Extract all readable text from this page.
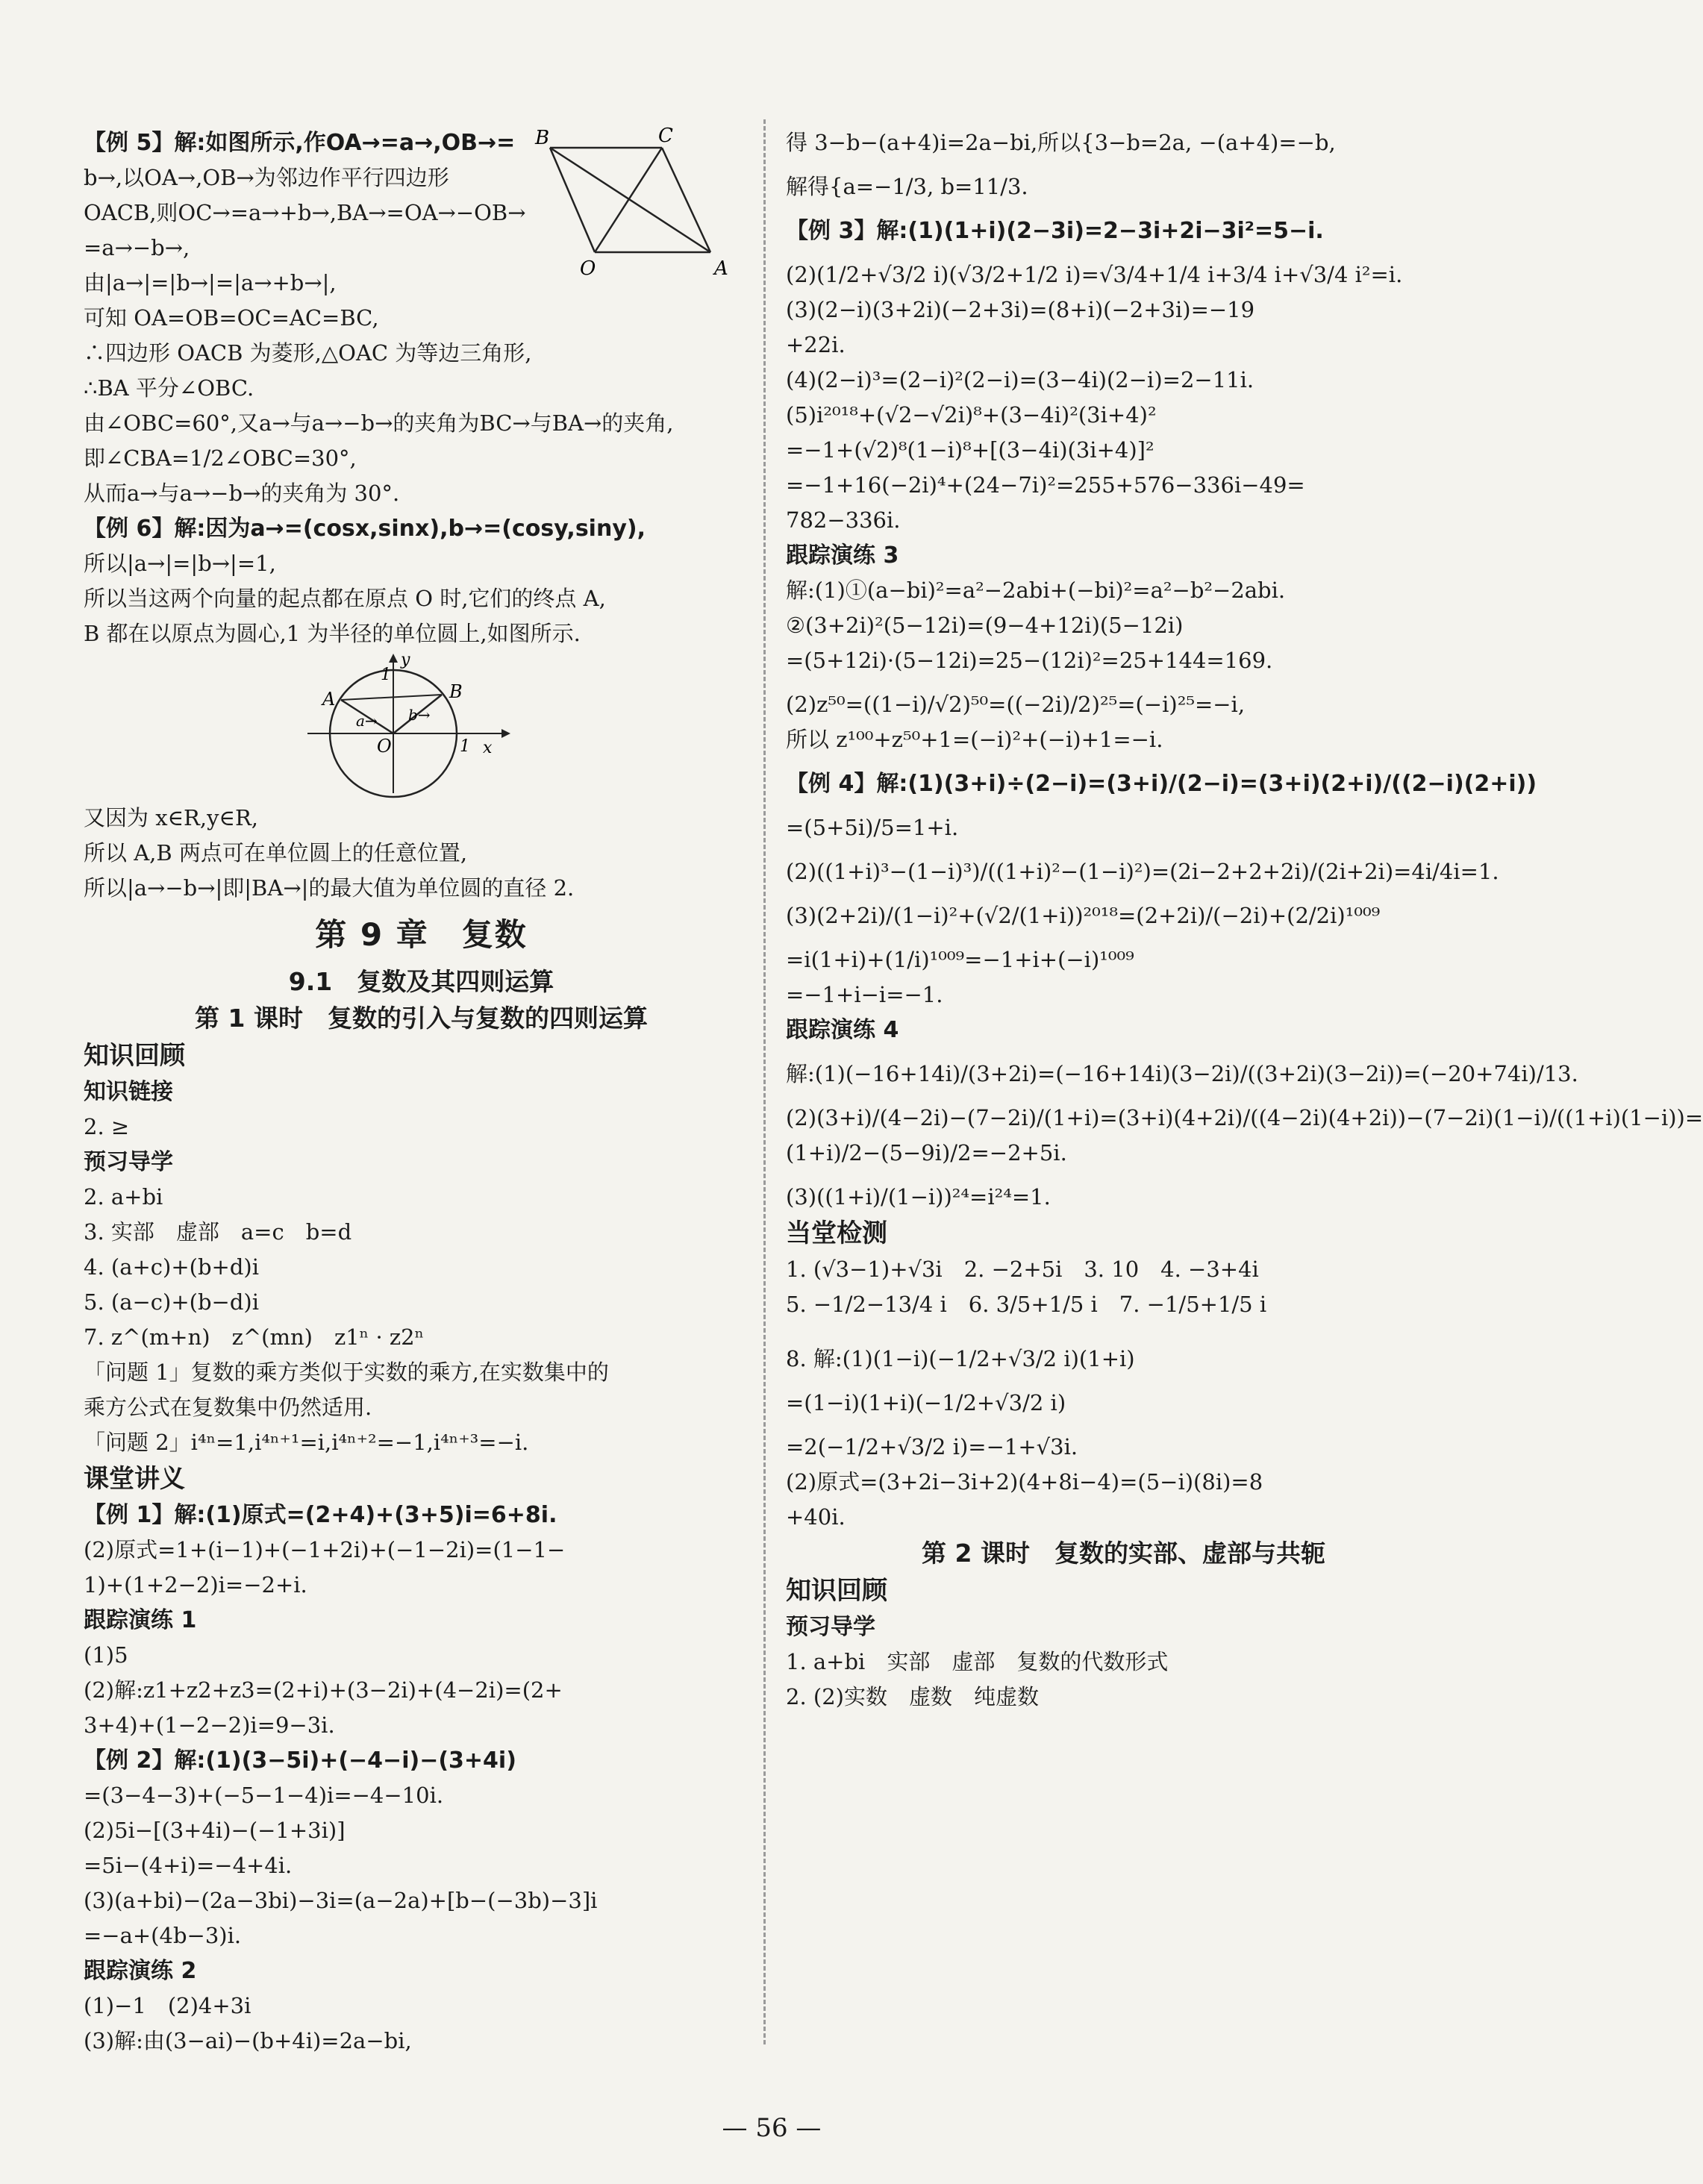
B	C
O	A
【例 5】解:如图所示,作OA→=a→,OB→=
b→,以OA→,OB→为邻边作平行四边形
OACB,则OC→=a→+b→,BA→=OA→−OB→
=a→−b→,
由|a→|=|b→|=|a→+b→|,
可知 OA=OB=OC=AC=BC,
∴四边形 OACB 为菱形,△OAC 为等边三角形,
∴BA 平分∠OBC.
由∠OBC=60°,又a→与a→−b→的夹角为BC→与BA→的夹角,
即∠CBA=1/2∠OBC=30°,
从而a→与a→−b→的夹角为 30°.
【例 6】解:因为a→=(cosx,sinx),b→=(cosy,siny),
所以|a→|=|b→|=1,
所以当这两个向量的起点都在原点 O 时,它们的终点 A,
B 都在以原点为圆心,1 为半径的单位圆上,如图所示.
y
1
A	B
O	1 x
a→ b→
又因为 x∈R,y∈R,
所以 A,B 两点可在单位圆上的任意位置,
所以|a→−b→|即|BA→|的最大值为单位圆的直径 2.
第 9 章　复数
9.1　复数及其四则运算
第 1 课时　复数的引入与复数的四则运算
知识回顾
知识链接
2. ≥
预习导学
2. a+bi
3. 实部　虚部　a=c　b=d
4. (a+c)+(b+d)i
5. (a−c)+(b−d)i
7. z^(m+n)　z^(mn)　z1ⁿ · z2ⁿ
「问题 1」复数的乘方类似于实数的乘方,在实数集中的
乘方公式在复数集中仍然适用.
「问题 2」i⁴ⁿ=1,i⁴ⁿ⁺¹=i,i⁴ⁿ⁺²=−1,i⁴ⁿ⁺³=−i.
课堂讲义
【例 1】解:(1)原式=(2+4)+(3+5)i=6+8i.
(2)原式=1+(i−1)+(−1+2i)+(−1−2i)=(1−1−
1)+(1+2−2)i=−2+i.
跟踪演练 1
(1)5
(2)解:z1+z2+z3=(2+i)+(3−2i)+(4−2i)=(2+
3+4)+(1−2−2)i=9−3i.
【例 2】解:(1)(3−5i)+(−4−i)−(3+4i)
=(3−4−3)+(−5−1−4)i=−4−10i.
(2)5i−[(3+4i)−(−1+3i)]
=5i−(4+i)=−4+4i.
(3)(a+bi)−(2a−3bi)−3i=(a−2a)+[b−(−3b)−3]i
=−a+(4b−3)i.
跟踪演练 2
(1)−1　(2)4+3i
(3)解:由(3−ai)−(b+4i)=2a−bi,
得 3−b−(a+4)i=2a−bi,所以{3−b=2a, −(a+4)=−b,
解得{a=−1/3, b=11/3.
【例 3】解:(1)(1+i)(2−3i)=2−3i+2i−3i²=5−i.
(2)(1/2+√3/2 i)(√3/2+1/2 i)=√3/4+1/4 i+3/4 i+√3/4 i²=i.
(3)(2−i)(3+2i)(−2+3i)=(8+i)(−2+3i)=−19
+22i.
(4)(2−i)³=(2−i)²(2−i)=(3−4i)(2−i)=2−11i.
(5)i²⁰¹⁸+(√2−√2i)⁸+(3−4i)²(3i+4)²
=−1+(√2)⁸(1−i)⁸+[(3−4i)(3i+4)]²
=−1+16(−2i)⁴+(24−7i)²=255+576−336i−49=
782−336i.
跟踪演练 3
解:(1)①(a−bi)²=a²−2abi+(−bi)²=a²−b²−2abi.
②(3+2i)²(5−12i)=(9−4+12i)(5−12i)
=(5+12i)·(5−12i)=25−(12i)²=25+144=169.
(2)z⁵⁰=((1−i)/√2)⁵⁰=((−2i)/2)²⁵=(−i)²⁵=−i,
所以 z¹⁰⁰+z⁵⁰+1=(−i)²+(−i)+1=−i.
【例 4】解:(1)(3+i)÷(2−i)=(3+i)/(2−i)=(3+i)(2+i)/((2−i)(2+i))
=(5+5i)/5=1+i.
(2)((1+i)³−(1−i)³)/((1+i)²−(1−i)²)=(2i−2+2+2i)/(2i+2i)=4i/4i=1.
(3)(2+2i)/(1−i)²+(√2/(1+i))²⁰¹⁸=(2+2i)/(−2i)+(2/2i)¹⁰⁰⁹
=i(1+i)+(1/i)¹⁰⁰⁹=−1+i+(−i)¹⁰⁰⁹
=−1+i−i=−1.
跟踪演练 4
解:(1)(−16+14i)/(3+2i)=(−16+14i)(3−2i)/((3+2i)(3−2i))=(−20+74i)/13.
(2)(3+i)/(4−2i)−(7−2i)/(1+i)=(3+i)(4+2i)/((4−2i)(4+2i))−(7−2i)(1−i)/((1+i)(1−i))=
(1+i)/2−(5−9i)/2=−2+5i.
(3)((1+i)/(1−i))²⁴=i²⁴=1.
当堂检测
1. (√3−1)+√3i　2. −2+5i　3. 10　4. −3+4i
5. −1/2−13/4 i　6. 3/5+1/5 i　7. −1/5+1/5 i
8. 解:(1)(1−i)(−1/2+√3/2 i)(1+i)
=(1−i)(1+i)(−1/2+√3/2 i)
=2(−1/2+√3/2 i)=−1+√3i.
(2)原式=(3+2i−3i+2)(4+8i−4)=(5−i)(8i)=8
+40i.
第 2 课时　复数的实部、虚部与共轭
知识回顾
预习导学
1. a+bi　实部　虚部　复数的代数形式
2. (2)实数　虚数　纯虚数
— 56 —
